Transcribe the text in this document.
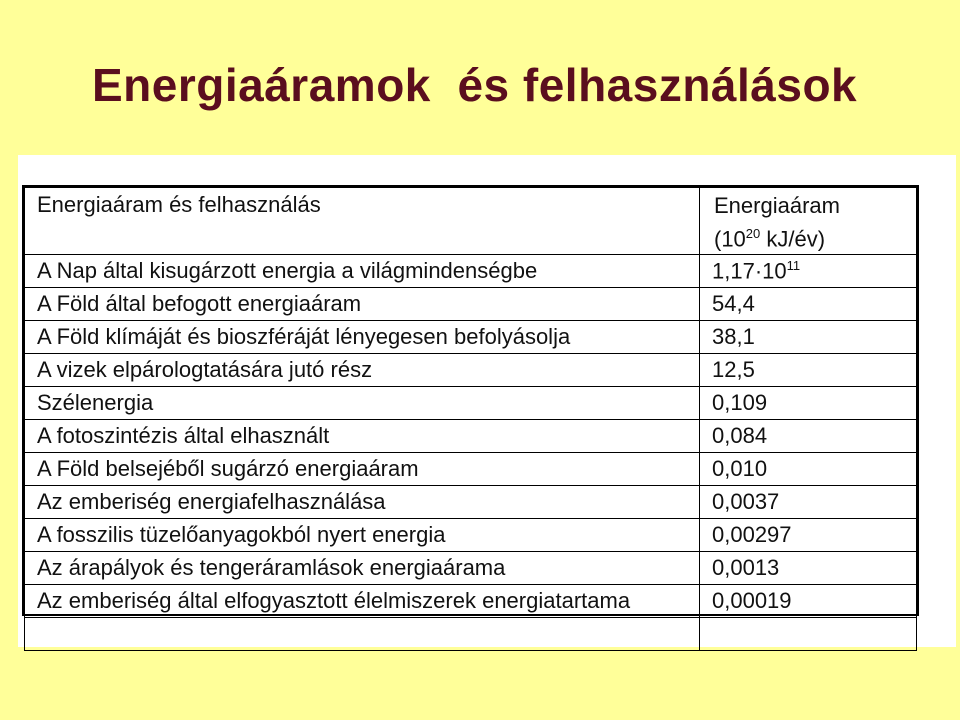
Energiaáramok  és felhasználások
Energiaáram és felhasználás	Energiaáram
($10^{20}$ kJ/év)
A Nap által kisugárzott energia a világmindenségbe	$1,17\cdot 10^{11}$
A Föld által befogott energiaáram	54,4
A Föld klímáját és bioszféráját lényegesen befolyásolja	38,1
A vizek elpárologtatására jutó rész	12,5
Szélenergia	0,109
A fotoszintézis által elhasznált	0,084
A Föld belsejéből sugárzó energiaáram	0,010
Az emberiség energiafelhasználása	0,0037
A fosszilis tüzelőanyagokból nyert energia	0,00297
Az árapályok és tengeráramlások energiaárama	0,0013
Az emberiség által elfogyasztott élelmiszerek energiatartama	0,00019
